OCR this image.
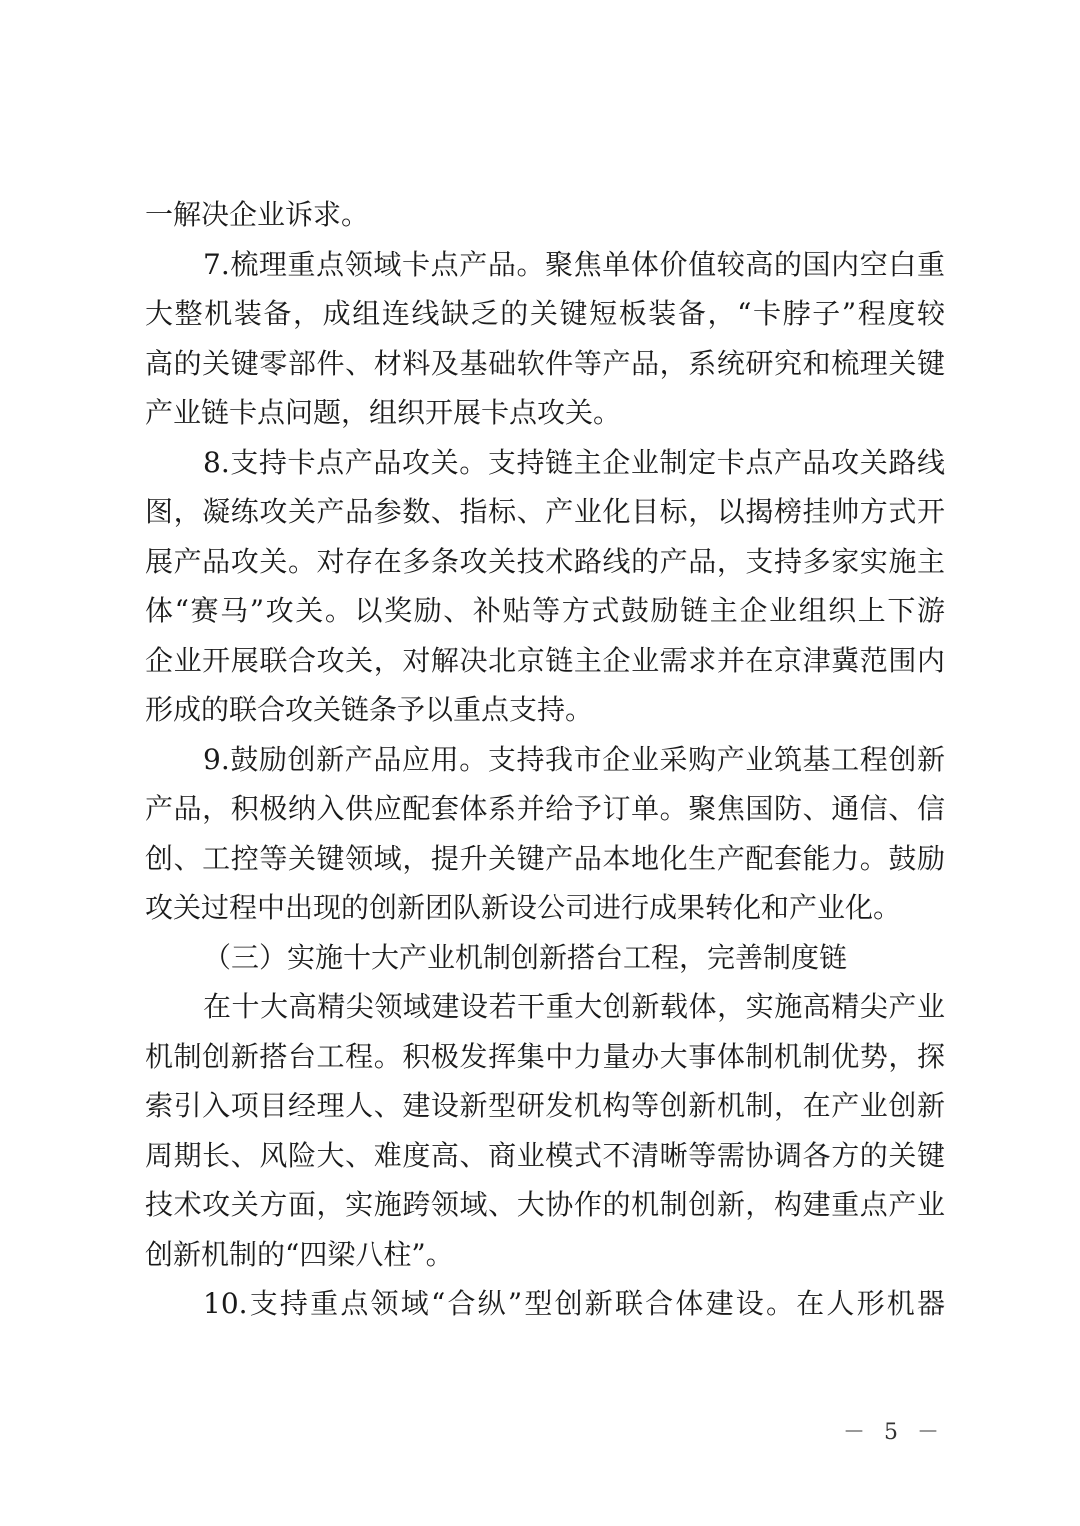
一解决企业诉求。
7.梳理重点领域卡点产品。聚焦单体价值较高的国内空白重
大整机装备，成组连线缺乏的关键短板装备，“卡脖子”程度较
高的关键零部件、材料及基础软件等产品，系统研究和梳理关键
产业链卡点问题，组织开展卡点攻关。
8.支持卡点产品攻关。支持链主企业制定卡点产品攻关路线
图，凝练攻关产品参数、指标、产业化目标，以揭榜挂帅方式开
展产品攻关。对存在多条攻关技术路线的产品，支持多家实施主
体“赛马”攻关。以奖励、补贴等方式鼓励链主企业组织上下游
企业开展联合攻关，对解决北京链主企业需求并在京津冀范围内
形成的联合攻关链条予以重点支持。
9.鼓励创新产品应用。支持我市企业采购产业筑基工程创新
产品，积极纳入供应配套体系并给予订单。聚焦国防、通信、信
创、工控等关键领域，提升关键产品本地化生产配套能力。鼓励
攻关过程中出现的创新团队新设公司进行成果转化和产业化。
（三）实施十大产业机制创新搭台工程，完善制度链
在十大高精尖领域建设若干重大创新载体，实施高精尖产业
机制创新搭台工程。积极发挥集中力量办大事体制机制优势，探
索引入项目经理人、建设新型研发机构等创新机制，在产业创新
周期长、风险大、难度高、商业模式不清晰等需协调各方的关键
技术攻关方面，实施跨领域、大协作的机制创新，构建重点产业
创新机制的“四梁八柱”。
10.支持重点领域“合纵”型创新联合体建设。在人形机器
－ 5 －
